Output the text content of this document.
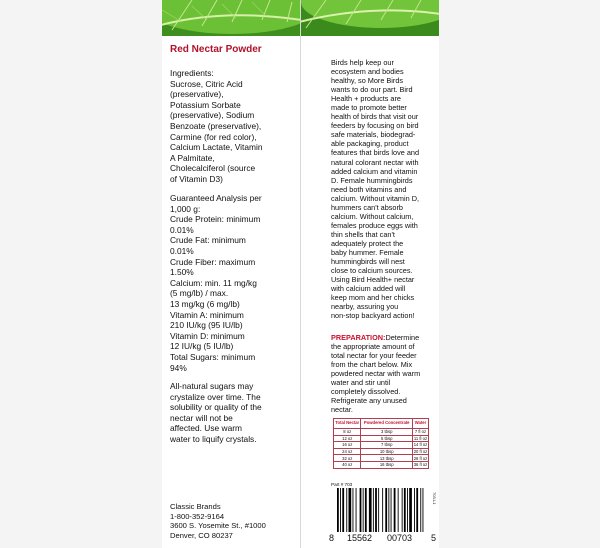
Red Nectar Powder

Ingredients:

Sucrose, Citric Acid

(preservative),

Potassium Sorbate

(preservative), Sodium

Benzoate (preservative),

Carmine (for red color),

Calcium Lactate, Vitamin

A Palmitate,

Cholecalciferol (source

of Vitamin D3)

Guaranteed Analysis per

1,000 g:

Crude Protein: minimum

0.01%

Crude Fat: minimum

0.01%

Crude Fiber: maximum

1.50%

Calcium: min. 11 mg/kg

(5 mg/lb) / max.

13 mg/kg (6 mg/lb)

Vitamin A: minimum

210 IU/kg (95 IU/lb)

Vitamin D: minimum

12 IU/kg (5 IU/lb)

Total Sugars: minimum

94%

All-natural sugars may

crystalize over time. The

solubility or quality of the

nectar will not be

affected. Use warm

water to liquify crystals.

Classic Brands

1-800-352-9164

3600 S. Yosemite St., #1000

Denver, CO 80237

Birds help keep our

ecosystem and bodies

healthy, so More Birds

wants to do our part. Bird

Health + products are

made to promote better

health of birds that visit our

feeders by focusing on bird

safe materials, biodegrad-

able packaging, product

features that birds love and

natural colorant nectar with

added calcium and vitamin

D. Female hummingbirds

need both vitamins and

calcium. Without vitamin D,

hummers can't absorb

calcium. Without calcium,

females produce eggs with

thin shells that can't

adequately protect the

baby hummer. Female

hummingbirds will nest

close to calcium sources.

Using Bird Health+ nectar

with calcium added will

keep mom and her chicks

nearby, assuring you

non-stop backyard action!

PREPARATION:Determine

the appropriate amount of

total nectar for your feeder

from the chart below. Mix

powdered nectar with warm

water and stir until

completely dissolved.

Refrigerate any unused

nectar.

Total Nectar	Powdered Concentrate	Water
8 oz	3 tbsp	7 fl oz
12 oz	5 tbsp	11 fl oz
16 oz	7 tbsp	14 fl oz
24 oz	10 tbsp	20 fl oz
32 oz	13 tbsp	26 fl oz
40 oz	16 tbsp	36 fl oz
Part # 703
703-L1
8 15562 00703 5
